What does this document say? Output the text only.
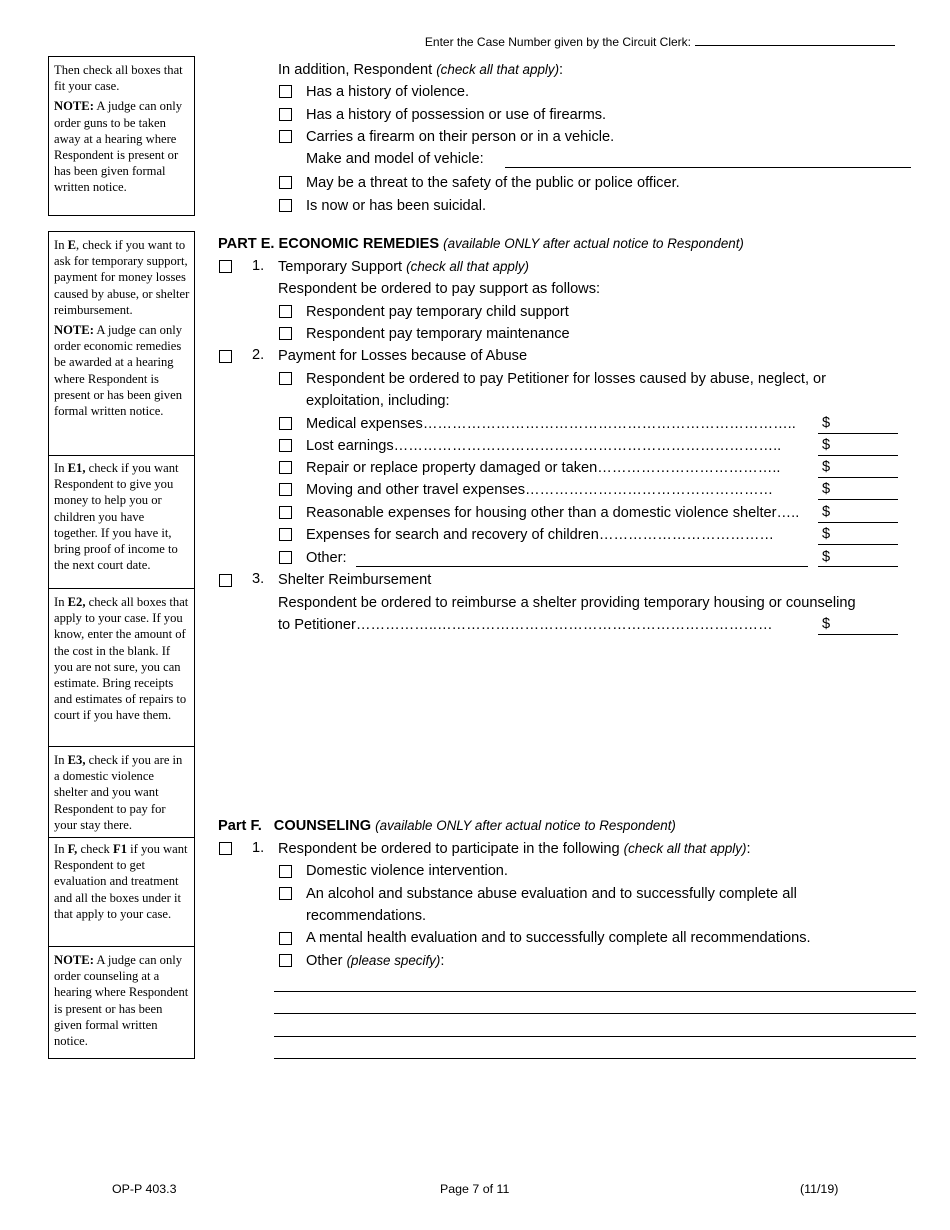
Enter the Case Number given by the Circuit Clerk:

Then check all boxes that fit your case.

NOTE: A judge can only order guns to be taken away at a hearing where Respondent is present or has been given formal written notice.

In E, check if you want to ask for temporary support, payment for money losses caused by abuse, or shelter reimbursement.

NOTE: A judge can only order economic remedies be awarded at a hearing where Respondent is present or has been given formal written notice.

In E1, check if you want Respondent to give you money to help you or children you have together. If you have it, bring proof of income to the next court date.

In E2, check all boxes that apply to your case. If you know, enter the amount of the cost in the blank. If you are not sure, you can estimate. Bring receipts and estimates of repairs to court if you have them.

In E3, check if you are in a domestic violence shelter and you want Respondent to pay for your stay there.

In F, check F1 if you want Respondent to get evaluation and treatment and all the boxes under it that apply to your case.

NOTE: A judge can only order counseling at a hearing where Respondent is present or has been given formal written notice.

In addition, Respondent (check all that apply):
Has a history of violence.
Has a history of possession or use of firearms.
Carries a firearm on their person or in a vehicle.
Make and model of vehicle:
May be a threat to the safety of the public or police officer.
Is now or has been suicidal.
PART E. ECONOMIC REMEDIES (available ONLY after actual notice to Respondent)
1. Temporary Support (check all that apply)
Respondent be ordered to pay support as follows:
Respondent pay temporary child support
Respondent pay temporary maintenance
2. Payment for Losses because of Abuse
Respondent be ordered to pay Petitioner for losses caused by abuse, neglect, or
exploitation, including:
Medical expenses………………………………………………………………….. $
Lost earnings……………………………………………………………………..	$
Repair or replace property damaged or taken………………………………..	$
Moving and other travel expenses……………………………………………	$
Reasonable expenses for housing other than a domestic violence shelter….. $
Expenses for search and recovery of children………………………………	$
Other:	$
3. Shelter Reimbursement
Respondent be ordered to reimburse a shelter providing temporary housing or counseling
to Petitioner……………..……………………………………………………………	$
Part F. COUNSELING (available ONLY after actual notice to Respondent)
1. Respondent be ordered to participate in the following (check all that apply):
Domestic violence intervention.
An alcohol and substance abuse evaluation and to successfully complete all
recommendations.
A mental health evaluation and to successfully complete all recommendations.
Other (please specify):
OP-P 403.3	Page 7 of 11	(11/19)
